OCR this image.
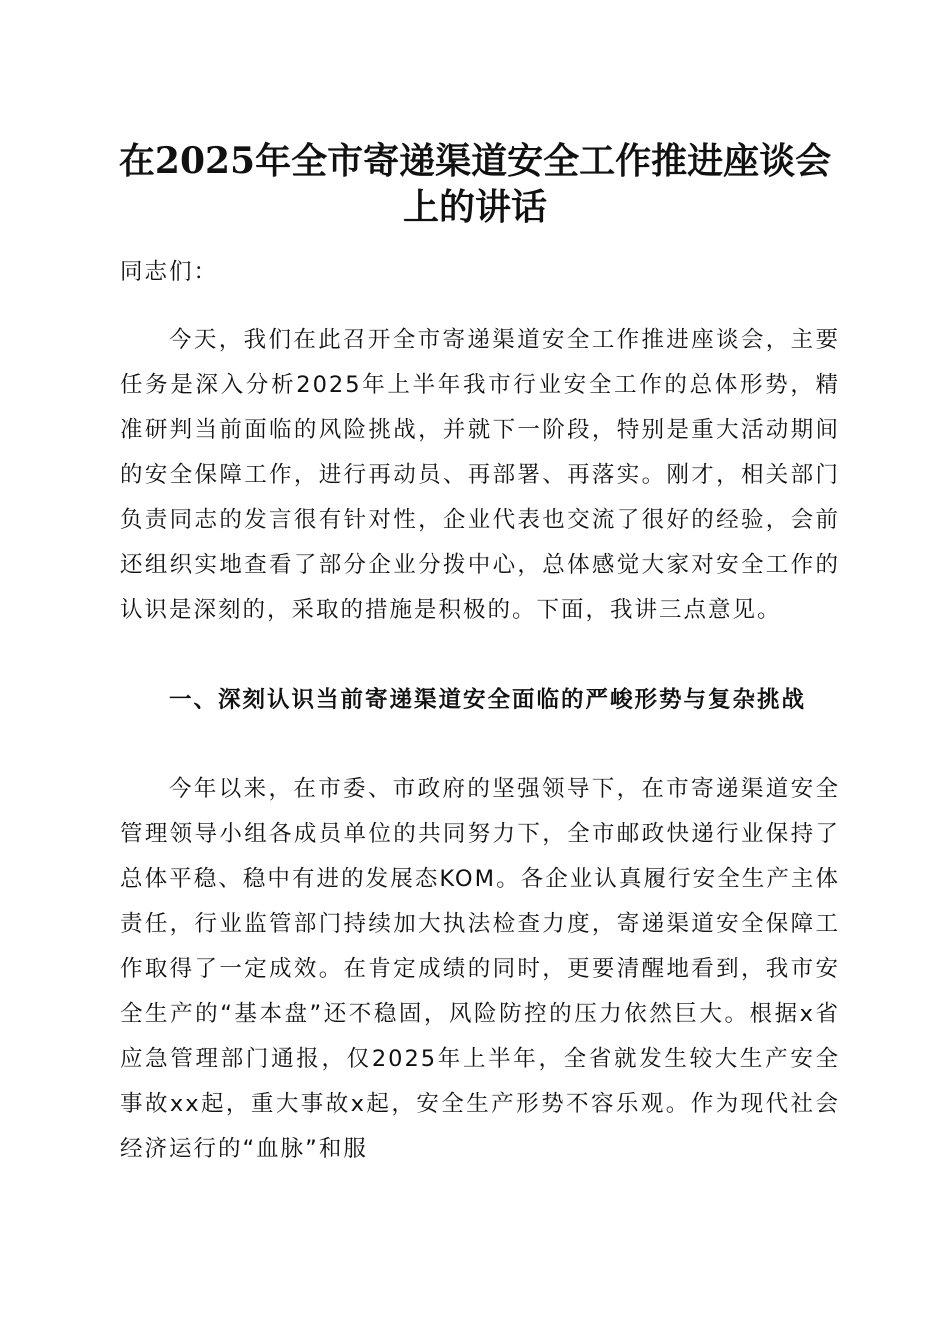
在2025年全市寄递渠道安全工作推进座谈会
上的讲话
同志们：
今天，我们在此召开全市寄递渠道安全工作推进座谈会，主要任务是深入分析2025年上半年我市行业安全工作的总体形势，精准研判当前面临的风险挑战，并就下一阶段，特别是重大活动期间的安全保障工作，进行再动员、再部署、再落实。刚才，相关部门负责同志的发言很有针对性，企业代表也交流了很好的经验，会前还组织实地查看了部分企业分拨中心，总体感觉大家对安全工作的认识是深刻的，采取的措施是积极的。下面，我讲三点意见。
一、深刻认识当前寄递渠道安全面临的严峻形势与复杂挑战
今年以来，在市委、市政府的坚强领导下，在市寄递渠道安全管理领导小组各成员单位的共同努力下，全市邮政快递行业保持了总体平稳、稳中有进的发展态KOM。各企业认真履行安全生产主体责任，行业监管部门持续加大执法检查力度，寄递渠道安全保障工作取得了一定成效。在肯定成绩的同时，更要清醒地看到，我市安全生产的“基本盘”还不稳固，风险防控的压力依然巨大。根据x省应急管理部门通报，仅2025年上半年，全省就发生较大生产安全事故xx起，重大事故x起，安全生产形势不容乐观。作为现代社会经济运行的“血脉”和服
